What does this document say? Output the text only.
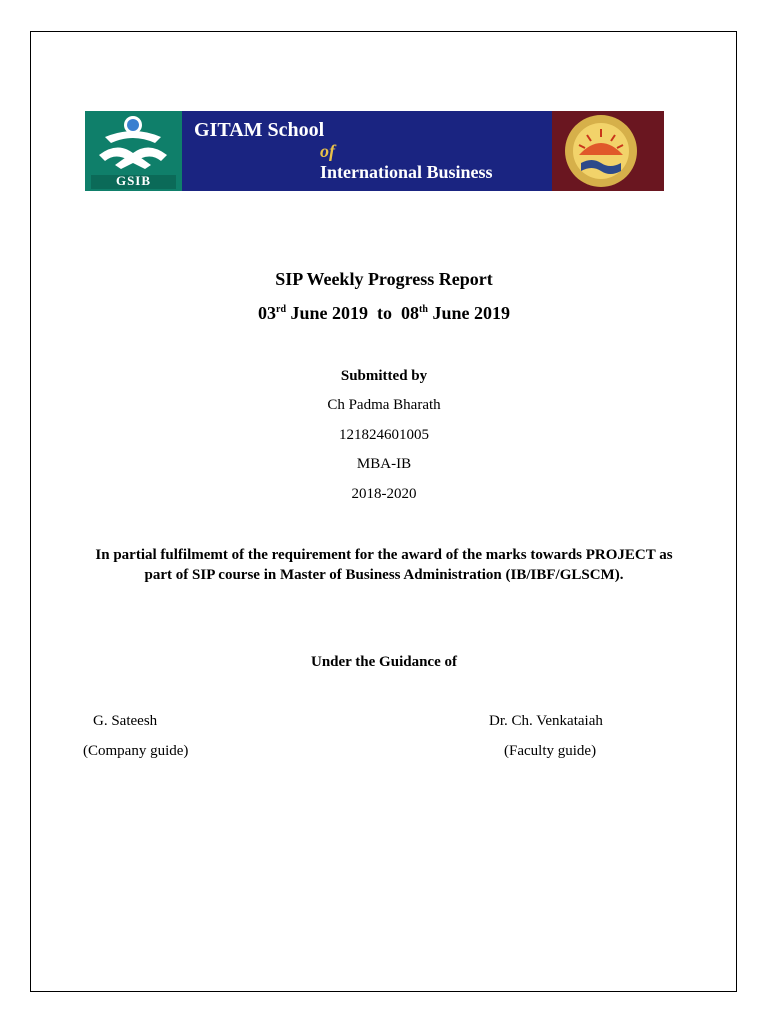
GSIB
GITAM School
of
International Business
SIP Weekly Progress Report
03rd June 2019  to  08th June 2019
Submitted by
Ch Padma Bharath
121824601005
MBA-IB
2018-2020
In partial fulfilmemt of the requirement for the award of the marks towards PROJECT as part of SIP course in Master of Business Administration (IB/IBF/GLSCM).
Under the Guidance of
G. Sateesh
(Company guide)
Dr. Ch. Venkataiah
(Faculty guide)
